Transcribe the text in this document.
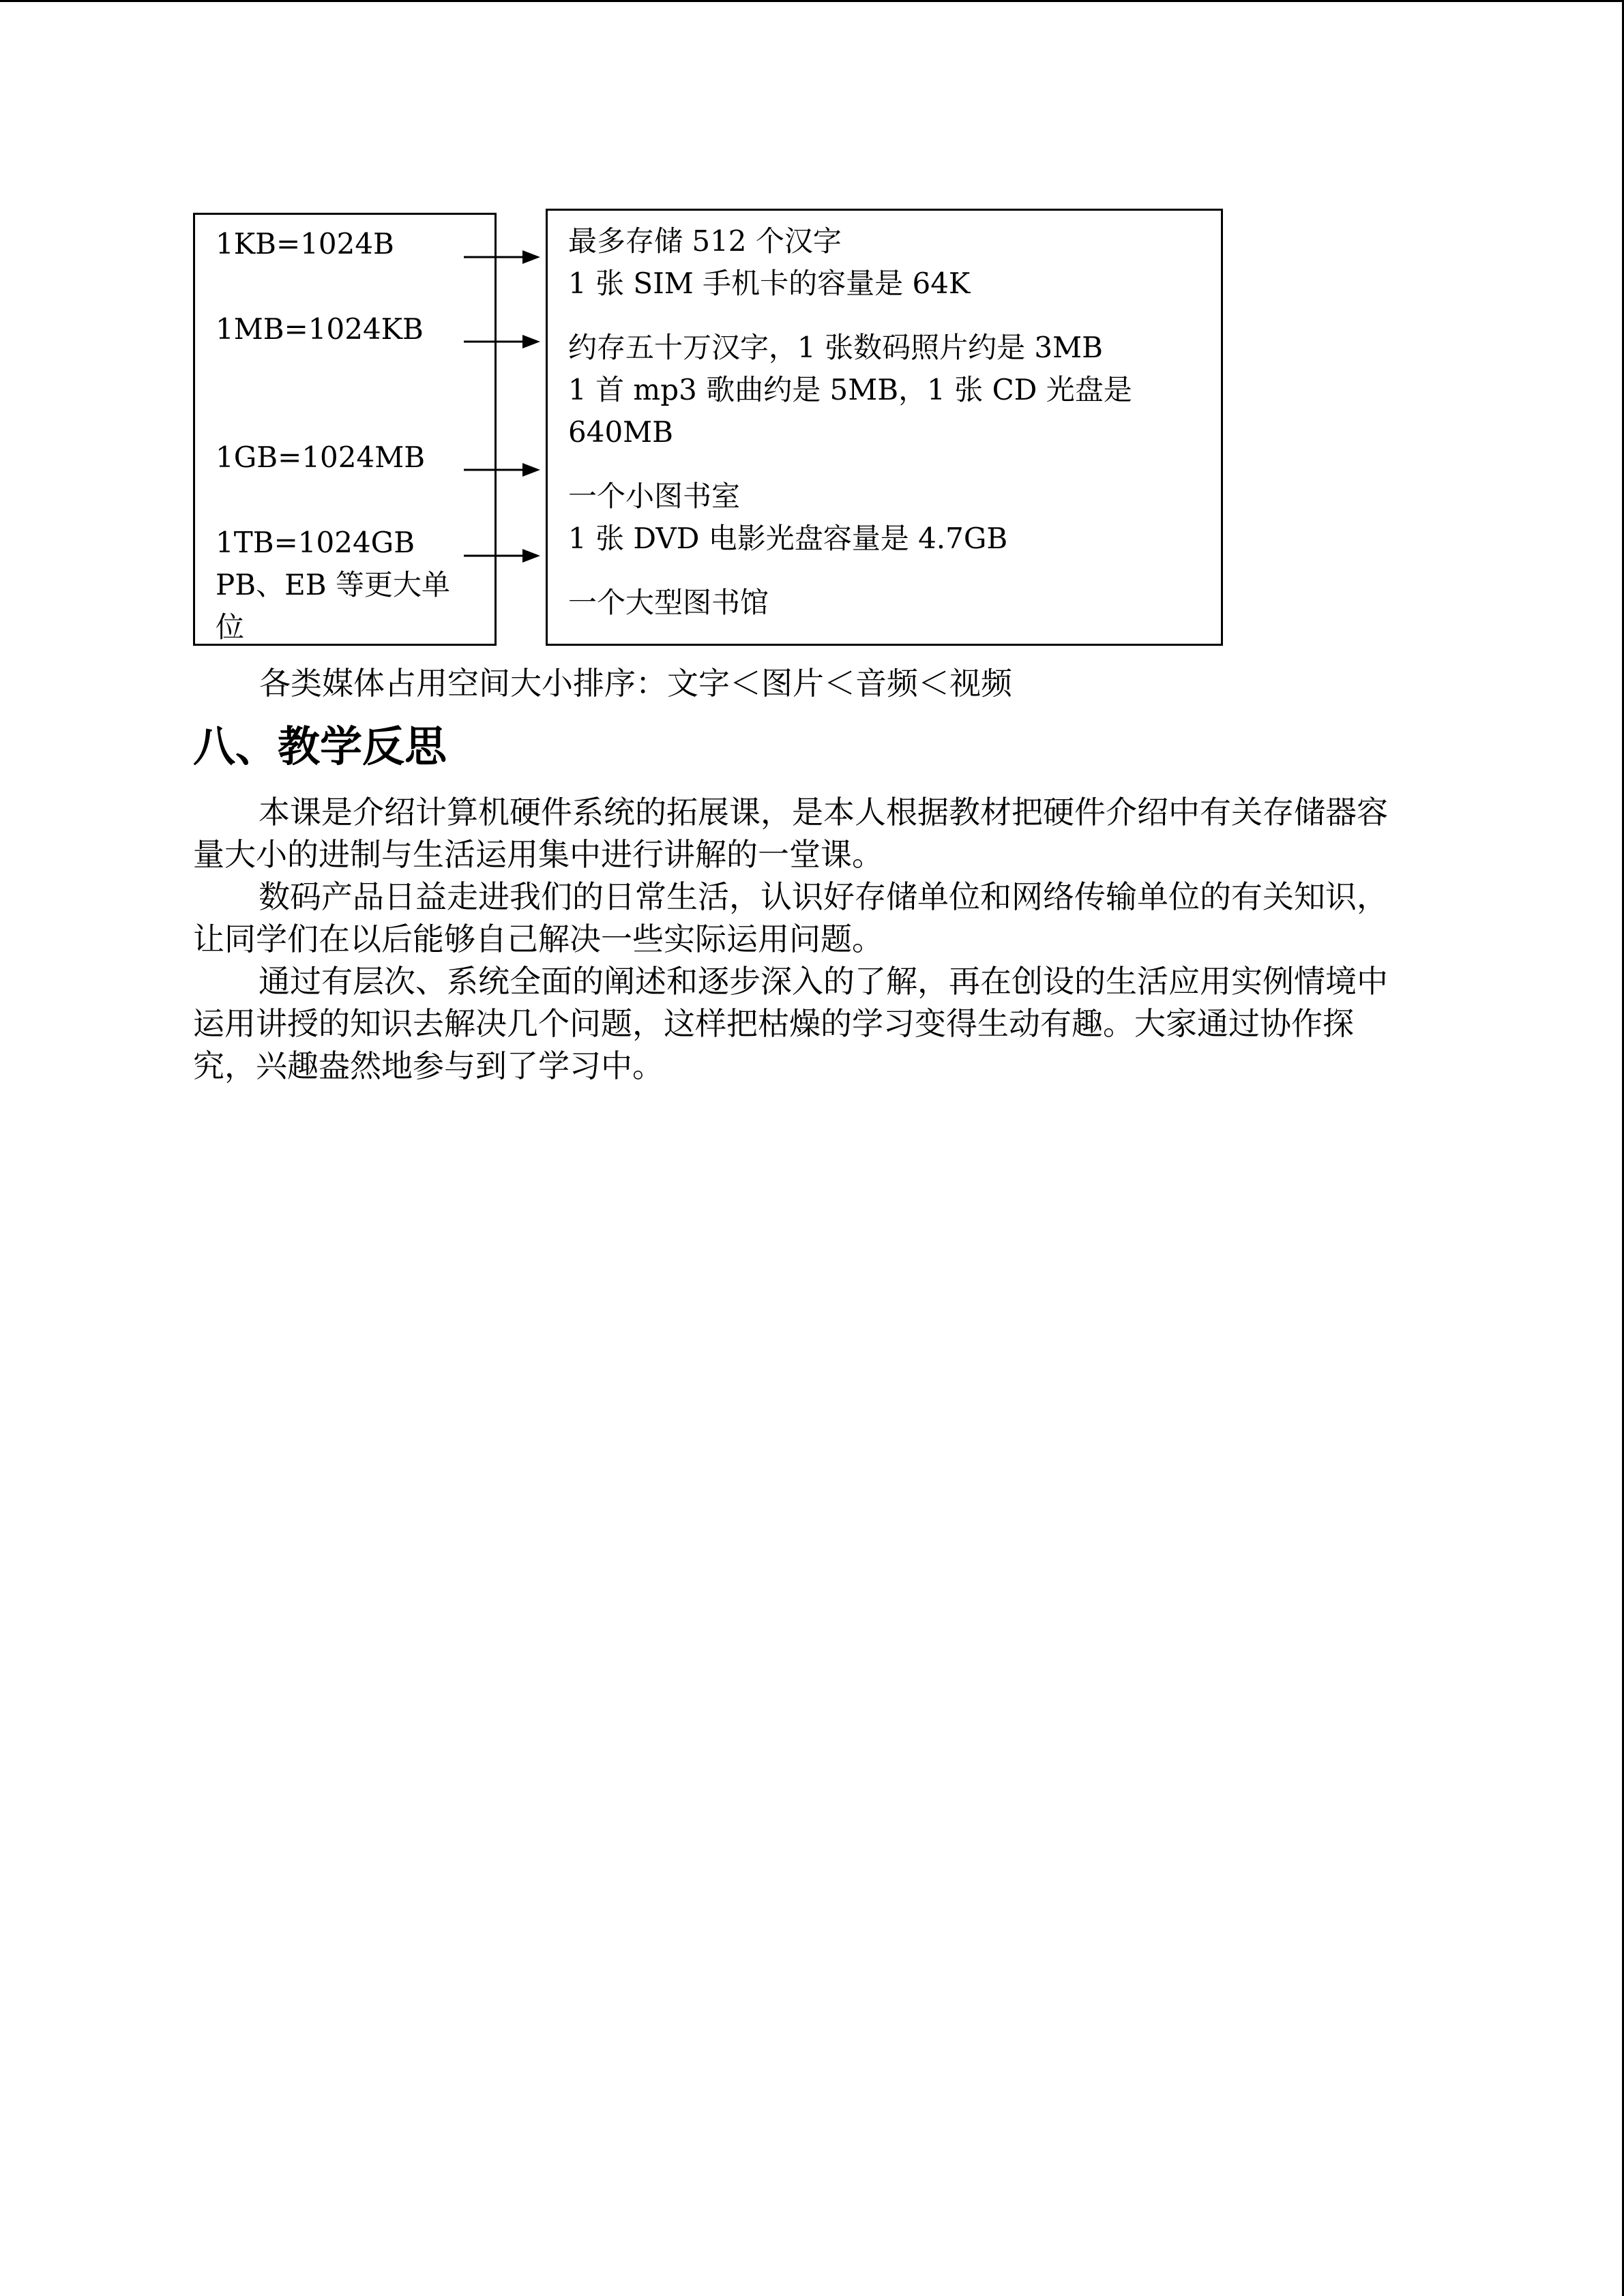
1KB=1024B
1MB=1024KB
1GB=1024MB
1TB=1024GB
PB、EB 等更大单
位
最多存储 512 个汉字
1 张 SIM 手机卡的容量是 64K
约存五十万汉字，1 张数码照片约是 3MB
1 首 mp3 歌曲约是 5MB，1 张 CD 光盘是
640MB
一个小图书室
1 张 DVD 电影光盘容量是 4.7GB
一个大型图书馆
各类媒体占用空间大小排序：文字＜图片＜音频＜视频
八、教学反思

本课是介绍计算机硬件系统的拓展课，是本人根据教材把硬件介绍中有关存储器容量大小的进制与生活运用集中进行讲解的一堂课。

数码产品日益走进我们的日常生活，认识好存储单位和网络传输单位的有关知识，让同学们在以后能够自己解决一些实际运用问题。

通过有层次、系统全面的阐述和逐步深入的了解，再在创设的生活应用实例情境中运用讲授的知识去解决几个问题，这样把枯燥的学习变得生动有趣。大家通过协作探究，兴趣盎然地参与到了学习中。
